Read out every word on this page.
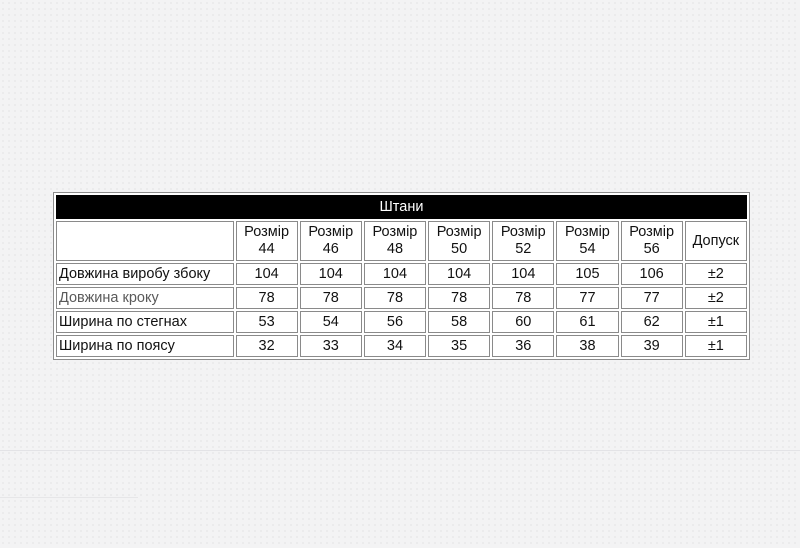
Штани								
	Розмір 44	Розмір 46	Розмір 48	Розмір 50	Розмір 52	Розмір 54	Розмір 56	Допуск
Довжина виробу збоку	104	104	104	104	104	105	106	±2
Довжина кроку	78	78	78	78	78	77	77	±2
Ширина по стегнах	53	54	56	58	60	61	62	±1
Ширина по поясу	32	33	34	35	36	38	39	±1
